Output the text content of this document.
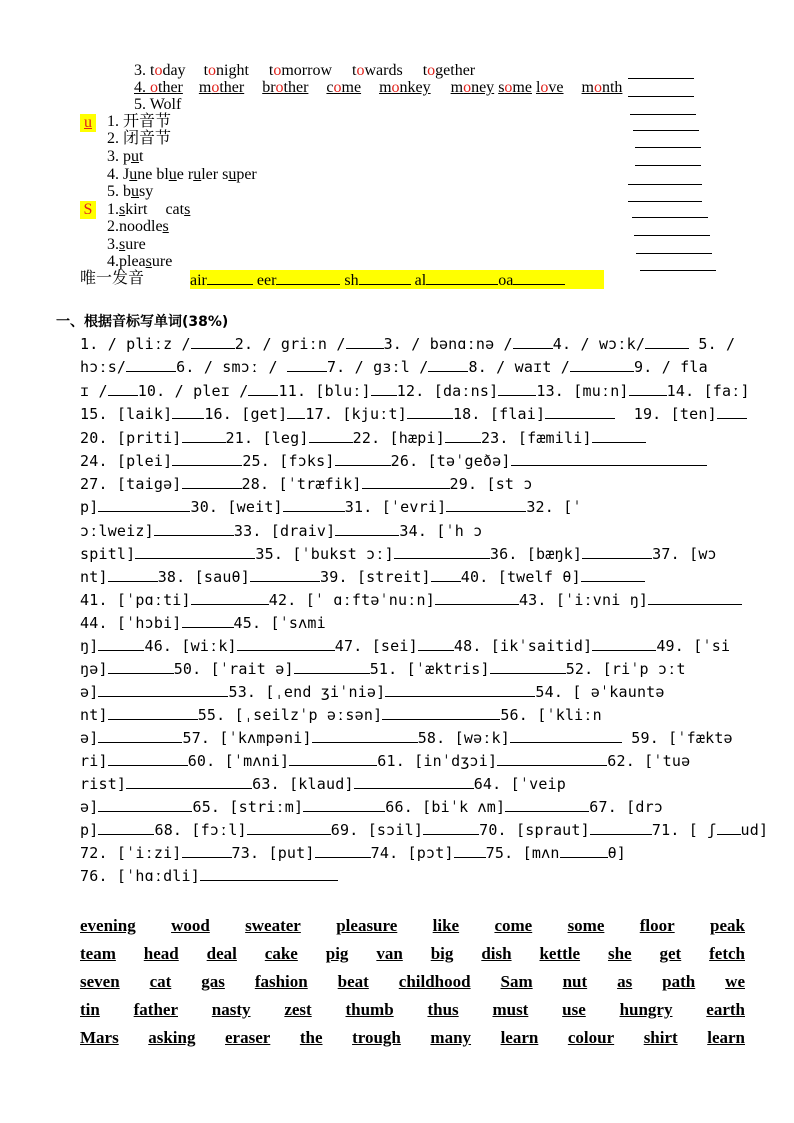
3. today tonight tomorrow towards together
4. other mother brother come monkey money some love month
5. Wolf
u 1. 开音节
2. 闭音节
3. put
4. June blue ruler super
5. busy
S 1.skirt cats
2.noodles
3.sure
4.pleasure
唯一发音	air	eer	sh	al	oa
一、根据音标写单词(38%)
1. / pliːz /	2. / griːn /	3. / bənɑːnə /	4. / wɔːk/	5. /
hɔːs/	6. / smɔː /	7. / gɜːl /	8. / waɪt /	9. / fla
ɪ / 10. / pleɪ / 11. [bluː] 12. [daːns]	13. [muːn]	14. [faː]
15. [laik] 16. [get] 17. [kjuːt]	18. [flai]	19. [ten]
20. [priti]	21. [leg]	22. [hæpi] 23. [fæmili]
24. [plei]	25. [fɔks]	26. [təˈgeðə]
27. [taigə]	28. [ˈtræfik]	29. [st ɔ
p]	30. [weit]	31. [ˈevri]	32. [ˈ
ɔːlweiz]	33. [draiv]	34. [ˈh ɔ
spitl]	35. [ˈbukst ɔː]	36. [bæŋk]	37. [wɔ
nt]	38. [sauθ]	39. [streit] 40. [twelf θ]
41. [ˈpɑːti]	42. [ˈ ɑːftəˈnuːn]	43. [ˈiːvni ŋ]
44. [ˈhɔbi]	45. [ˈsʌmi
ŋ]	46. [wiːk]	47. [sei] 48. [ikˈsaitid]	49. [ˈsi
ŋə]	50. [ˈrait ə]	51. [ˈæktris]	52. [riˈp ɔːt
ə]	53. [ˌend ʒiˈniə]	54. [ əˈkauntə
nt]	55. [ˌseilzˈp əːsən]	56. [ˈkliːn
ə]	57. [ˈkʌmpəni]	58. [wəːk]	59. [ˈfæktə
ri]	60. [ˈmʌni]	61. [inˈdʒɔi]	62. [ˈtuə
rist]	63. [klaud]	64. [ˈveip
ə]	65. [striːm]	66. [biˈk ʌm]	67. [drɔ
p]	68. [fɔːl]	69. [sɔil]	70. [spraut]	71. [ ʃ ud]
72. [ˈiːzi]	73. [put]	74. [pɔt] 75. [mʌn	θ]
76. [ˈhɑːdli]
evening wood sweater pleasure like come some floor peak
team head deal cake pig van big dish kettle she get fetch
seven cat gas fashion beat childhood Sam nut as path we
tin father nasty zest thumb thus must use hungry earth
Mars asking eraser the trough many learn colour shirt learn
